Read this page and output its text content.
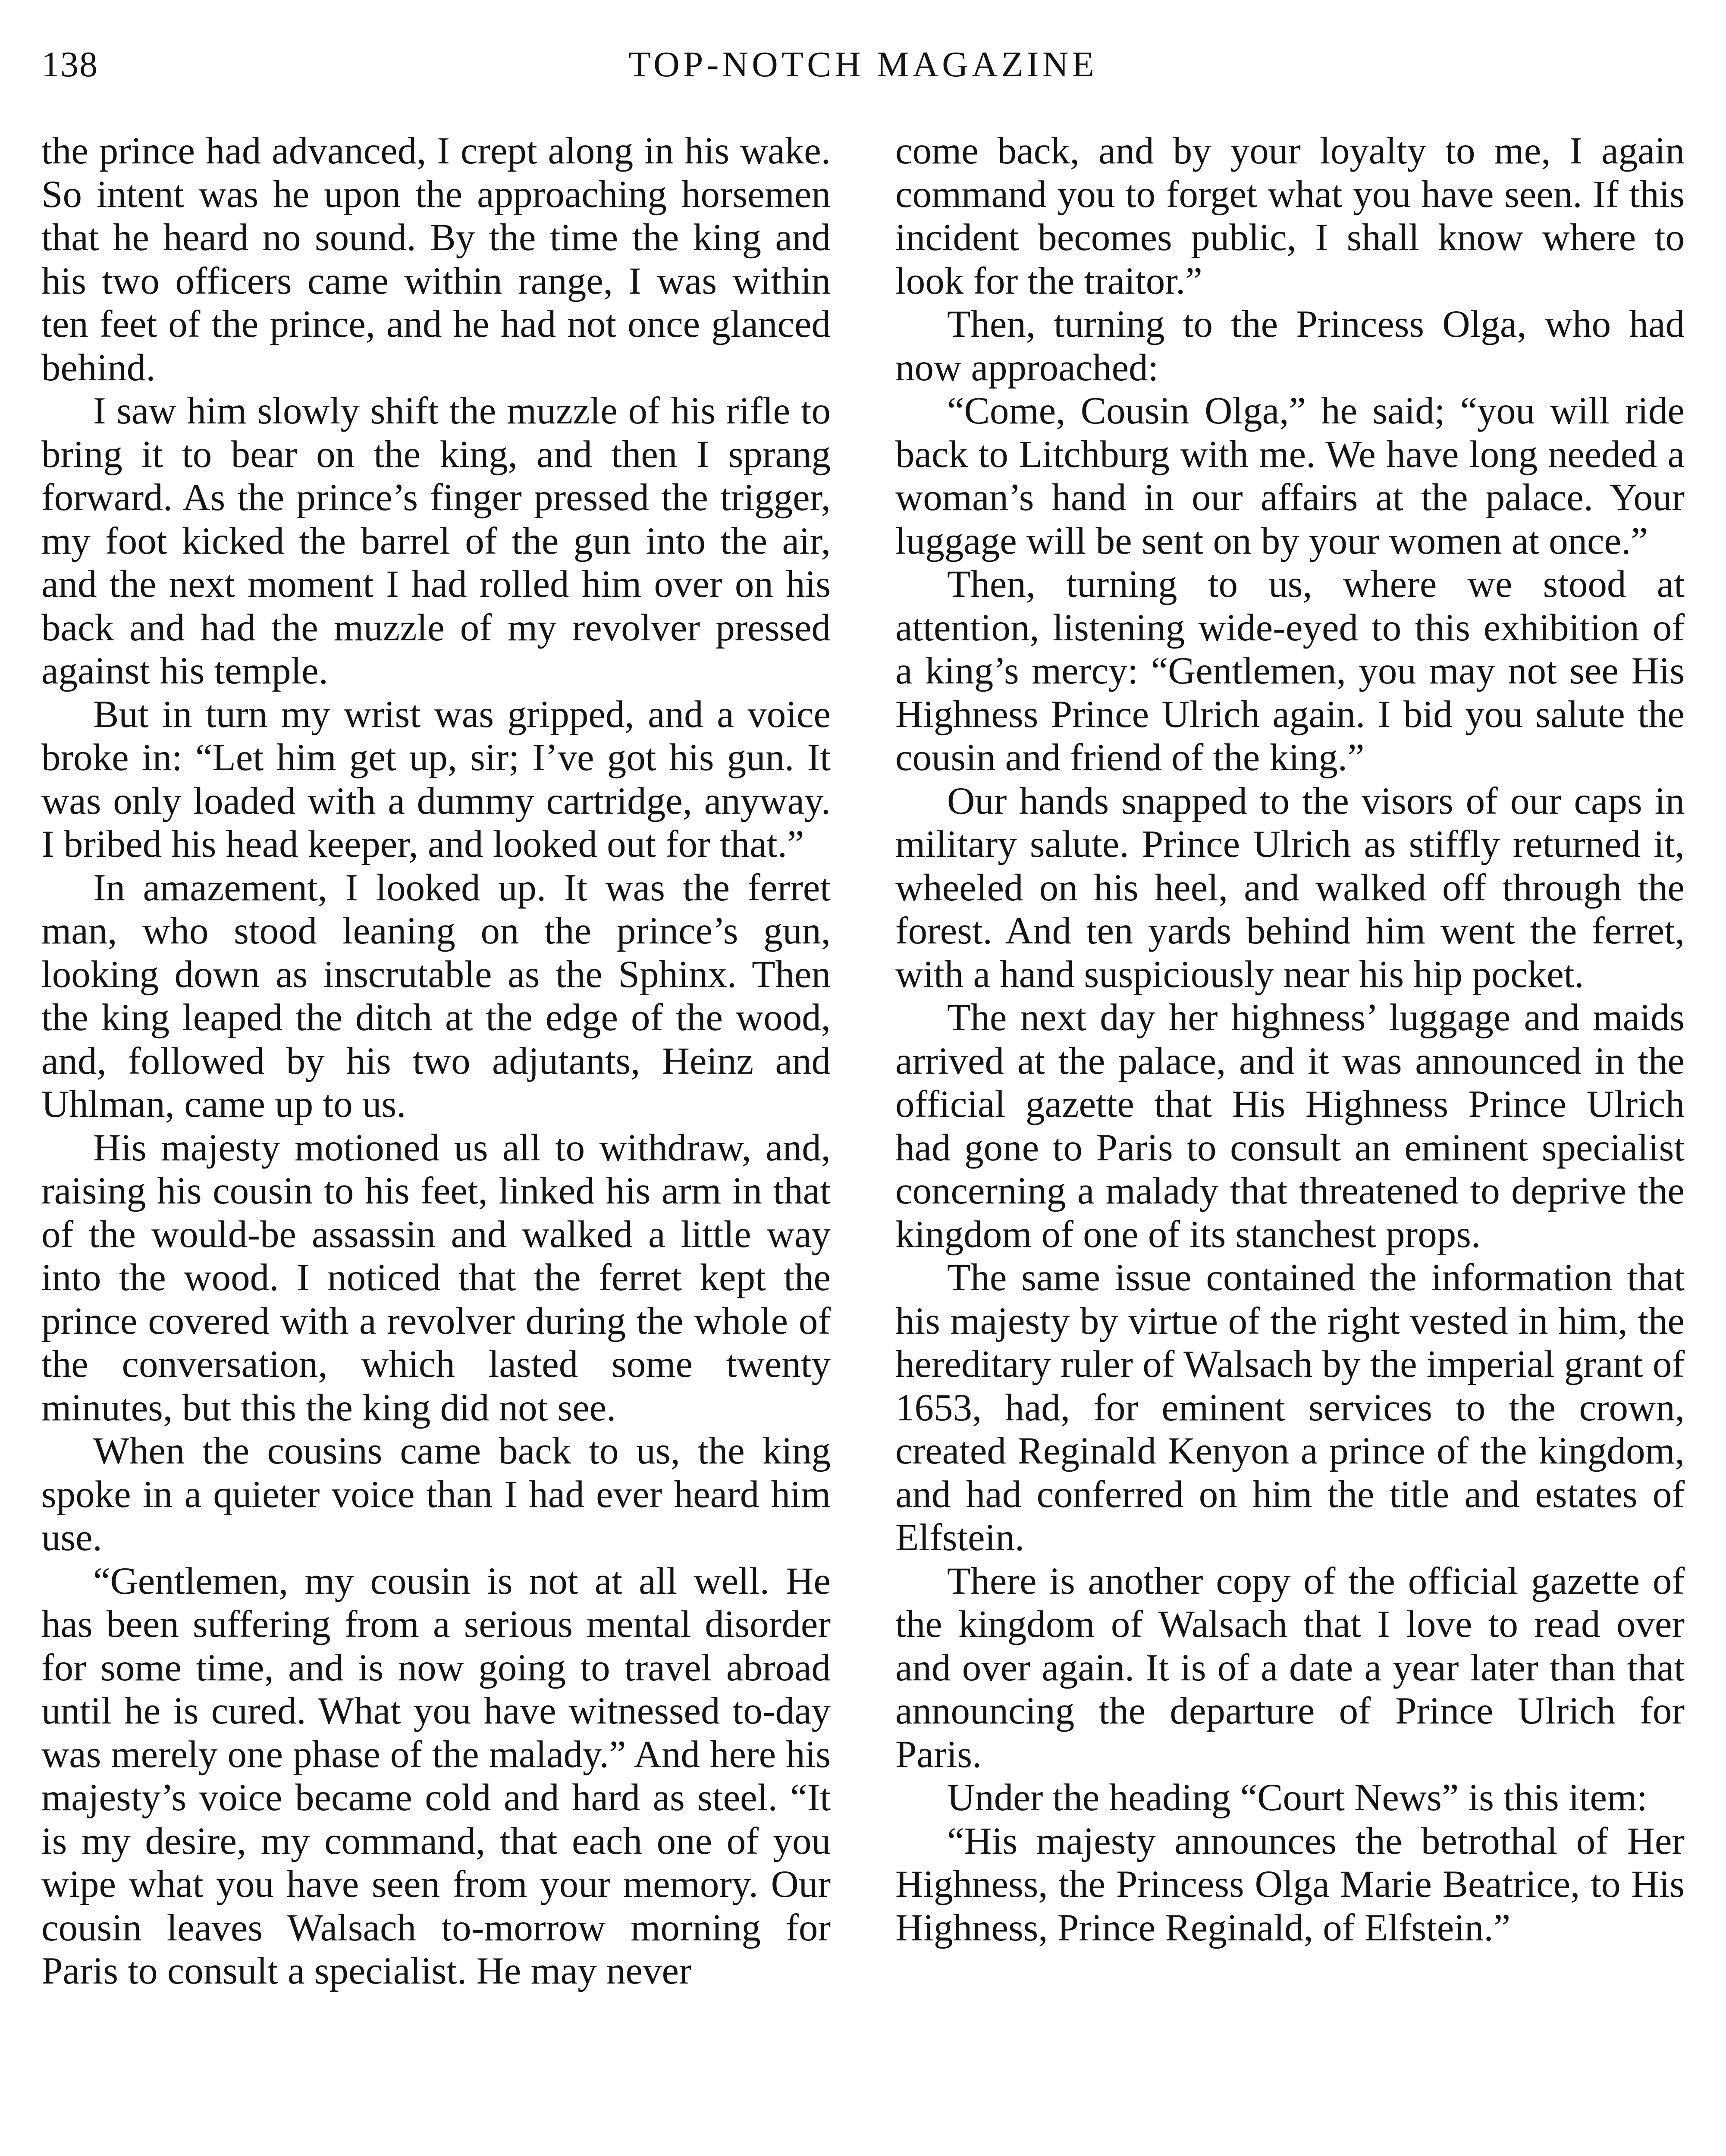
138	TOP-NOTCH MAGAZINE

the prince had advanced, I crept along in his wake. So intent was he upon the approaching horsemen that he heard no sound. By the time the king and his two officers came within range, I was within ten feet of the prince, and he had not once glanced behind.

I saw him slowly shift the muzzle of his rifle to bring it to bear on the king, and then I sprang forward. As the prince’s finger pressed the trigger, my foot kicked the barrel of the gun into the air, and the next moment I had rolled him over on his back and had the muzzle of my revolver pressed against his temple.

But in turn my wrist was gripped, and a voice broke in: “Let him get up, sir; I’ve got his gun. It was only loaded with a dummy cartridge, anyway. I bribed his head keeper, and looked out for that.”

In amazement, I looked up. It was the ferret man, who stood leaning on the prince’s gun, looking down as inscrutable as the Sphinx. Then the king leaped the ditch at the edge of the wood, and, followed by his two adjutants, Heinz and Uhlman, came up to us.

His majesty motioned us all to withdraw, and, raising his cousin to his feet, linked his arm in that of the would-be assassin and walked a little way into the wood. I noticed that the ferret kept the prince covered with a revolver during the whole of the conversation, which lasted some twenty minutes, but this the king did not see.

When the cousins came back to us, the king spoke in a quieter voice than I had ever heard him use.

“Gentlemen, my cousin is not at all well. He has been suffering from a serious mental disorder for some time, and is now going to travel abroad until he is cured. What you have witnessed to-day was merely one phase of the malady.” And here his majesty’s voice became cold and hard as steel. “It is my desire, my command, that each one of you wipe what you have seen from your memory. Our cousin leaves Walsach to-morrow morning for Paris to consult a specialist. He may never

come back, and by your loyalty to me, I again command you to forget what you have seen. If this incident becomes public, I shall know where to look for the traitor.”

Then, turning to the Princess Olga, who had now approached:

“Come, Cousin Olga,” he said; “you will ride back to Litchburg with me. We have long needed a woman’s hand in our affairs at the palace. Your luggage will be sent on by your women at once.”

Then, turning to us, where we stood at attention, listening wide-eyed to this exhibition of a king’s mercy: “Gentlemen, you may not see His Highness Prince Ulrich again. I bid you salute the cousin and friend of the king.”

Our hands snapped to the visors of our caps in military salute. Prince Ulrich as stiffly returned it, wheeled on his heel, and walked off through the forest. And ten yards behind him went the ferret, with a hand suspiciously near his hip pocket.

The next day her highness’ luggage and maids arrived at the palace, and it was announced in the official gazette that His Highness Prince Ulrich had gone to Paris to consult an eminent specialist concerning a malady that threatened to deprive the kingdom of one of its stanchest props.

The same issue contained the information that his majesty by virtue of the right vested in him, the hereditary ruler of Walsach by the imperial grant of 1653, had, for eminent services to the crown, created Reginald Kenyon a prince of the kingdom, and had conferred on him the title and estates of Elfstein.

There is another copy of the official gazette of the kingdom of Walsach that I love to read over and over again. It is of a date a year later than that announcing the departure of Prince Ulrich for Paris.

Under the heading “Court News” is this item:

“His majesty announces the betrothal of Her Highness, the Princess Olga Marie Beatrice, to His Highness, Prince Reginald, of Elfstein.”
